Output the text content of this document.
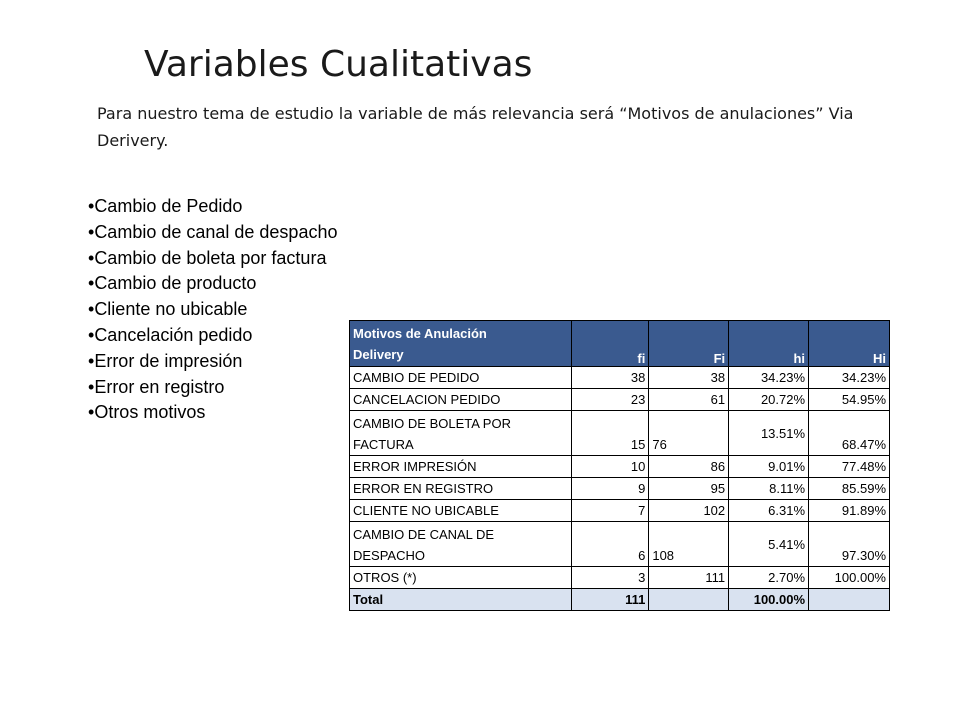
Variables Cualitativas

Para nuestro tema de estudio la variable de más relevancia será “Motivos de anulaciones” Via Derivery.

• Cambio de Pedido
• Cambio de canal de despacho
• Cambio de boleta por factura
• Cambio de producto
• Cliente no ubicable
• Cancelación pedido
• Error de impresión
• Error en registro
• Otros motivos
Motivos de Anulación
Delivery	fi	Fi	hi	Hi
CAMBIO DE PEDIDO	38	38	34.23%	34.23%
CANCELACION PEDIDO	23	61	20.72%	54.95%
CAMBIO DE BOLETA POR
FACTURA	15	76	13.51%	68.47%
ERROR IMPRESIÓN	10	86	9.01%	77.48%
ERROR EN REGISTRO	9	95	8.11%	85.59%
CLIENTE NO UBICABLE	7	102	6.31%	91.89%
CAMBIO DE CANAL DE
DESPACHO	6	108	5.41%	97.30%
OTROS (*)	3	111	2.70%	100.00%
Total	111		100.00%	
